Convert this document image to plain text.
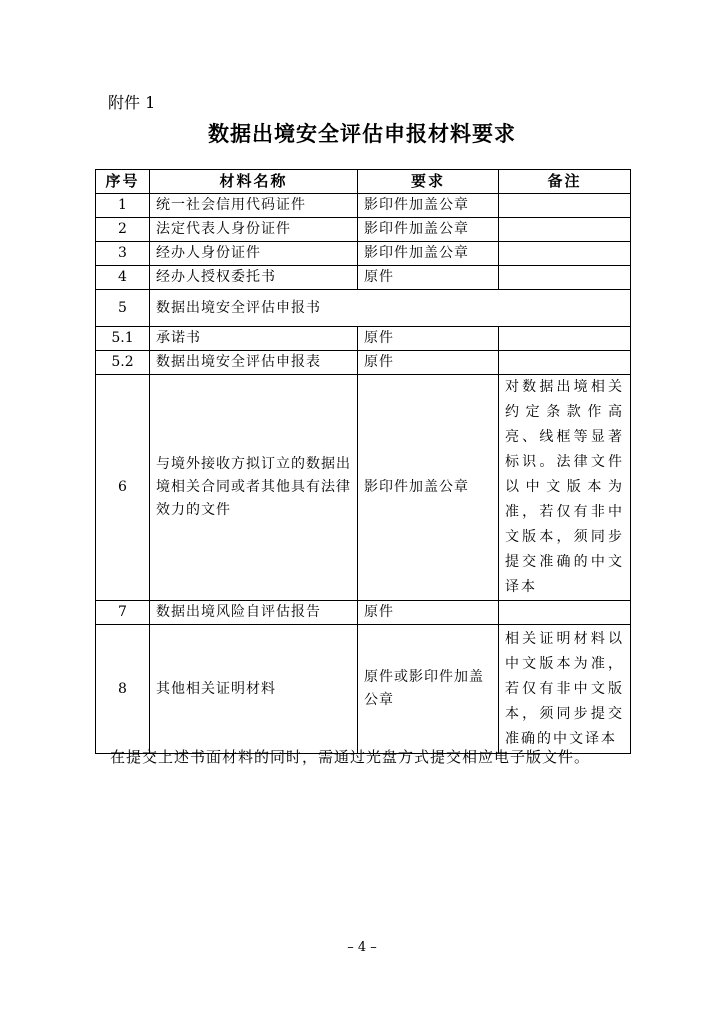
附件 1
数据出境安全评估申报材料要求
序号	材料名称	要求	备注
1	统一社会信用代码证件	影印件加盖公章	
2	法定代表人身份证件	影印件加盖公章	
3	经办人身份证件	影印件加盖公章	
4	经办人授权委托书	原件	
5	数据出境安全评估申报书		
5.1	承诺书	原件	
5.2	数据出境安全评估申报表	原件	
6	与境外接收方拟订立的数据出境相关合同或者其他具有法律效力的文件	影印件加盖公章	对数据出境相关约定条款作高亮、线框等显著标识。法律文件以中文版本为准，若仅有非中文版本，须同步提交准确的中文译本
7	数据出境风险自评估报告	原件	
8	其他相关证明材料	原件或影印件加盖公章	相关证明材料以中文版本为准，若仅有非中文版本，须同步提交准确的中文译本
在提交上述书面材料的同时，需通过光盘方式提交相应电子版文件。
– 4 –
